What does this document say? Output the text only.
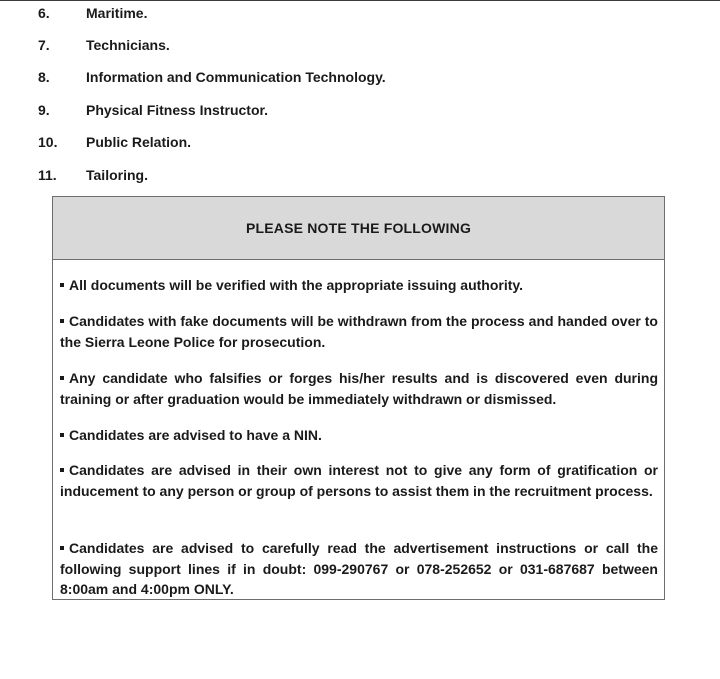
6.	Maritime.
7.	Technicians.
8.	Information and Communication Technology.
9.	Physical Fitness Instructor.
10. Public Relation.
11. Tailoring.
PLEASE NOTE THE FOLLOWING
All documents will be verified with the appropriate issuing authority.
Candidates with fake documents will be withdrawn from the process and handed over to the Sierra Leone Police for prosecution.
Any candidate who falsifies or forges his/her results and is discovered even during training or after graduation would be immediately withdrawn or dismissed.
Candidates are advised to have a NIN.
Candidates are advised in their own interest not to give any form of gratification or inducement to any person or group of persons to assist them in the recruitment process.
Candidates are advised to carefully read the advertisement instructions or call the following support lines if in doubt: 099-290767 or 078-252652 or 031-687687 between 8:00am and 4:00pm ONLY.
